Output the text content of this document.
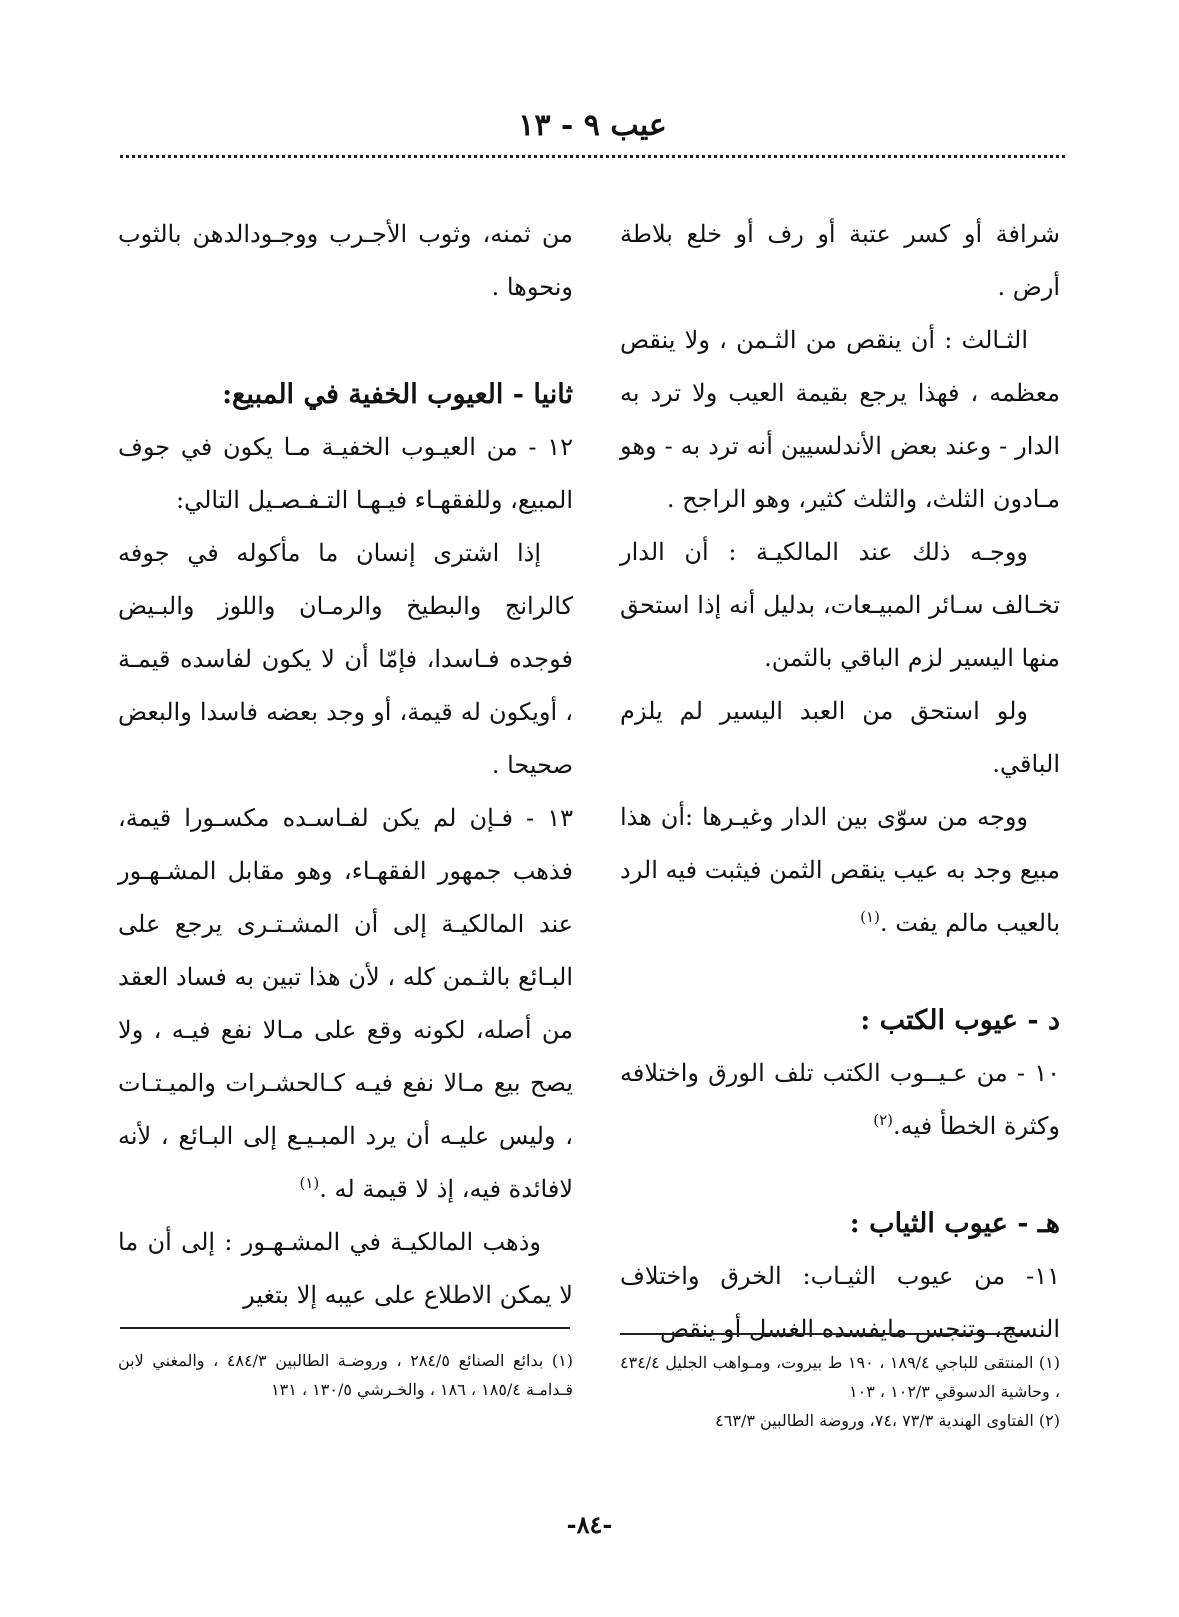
عيب ٩ - ١٣

شرافة أو كسر عتبة أو رف أو خلع بلاطة أرض .

الثـالث : أن ينقص من الثـمن ، ولا ينقص معظمه ، فهذا يرجع بقيمة العيب ولا ترد به الدار - وعند بعض الأندلسيين أنه ترد به - وهو مـادون الثلث، والثلث كثير، وهو الراجح .

ووجـه ذلك عند المالكيـة : أن الدار تخـالف سـائر المبيـعات، بدليل أنه إذا استحق منها اليسير لزم الباقي بالثمن.

ولو استحق من العبد اليسير لم يلزم الباقي.

ووجه من سوّى بين الدار وغيـرها :أن هذا مبيع وجد به عيب ينقص الثمن فيثبت فيه الرد بالعيب مالم يفت .$^{(١)}$

د - عيوب الكتب :

١٠ - من عـيــوب الكتب تلف الورق واختلافه وكثرة الخطأ فيه.$^{(٢)}$

هـ - عيوب الثياب :

١١- من عيوب الثيـاب: الخرق واختلاف النسج، وتنجس مايفسده الغسل أو ينقص

من ثمنه، وثوب الأجـرب ووجـودالدهن بالثوب ونحوها .

ثانيا - العيوب الخفية في المبيع:

١٢ - من العيـوب الخفيـة مـا يكون في جوف المبيع، وللفقهـاء فيـهـا التـفـصـيل التالي:

إذا اشترى إنسان ما مأكوله في جوفه كالرانج والبطيخ والرمـان واللوز والبـيض فوجده فـاسدا، فإمّا أن لا يكون لفاسده قيمـة ، أويكون له قيمة، أو وجد بعضه فاسدا والبعض صحيحا .

١٣ - فـإن لم يكن لفـاسـده مكسـورا قيمة، فذهب جمهور الفقهـاء، وهو مقابل المشـهـور عند المالكيـة إلى أن المشـتـرى يرجع على البـائع بالثـمن كله ، لأن هذا تبين به فساد العقد من أصله، لكونه وقع على مـالا نفع فيـه ، ولا يصح بيع مـالا نفع فيـه كـالحشـرات والميـتـات ، وليس عليـه أن يرد المبـيـع إلى البـائع ، لأنه لافائدة فيه، إذ لا قيمة له .$^{(١)}$

وذهب المالكيـة في المشـهـور : إلى أن ما لا يمكن الاطلاع على عيبه إلا بتغير

(١) المنتقى للباجي ١٨٩/٤ ، ١٩٠ ط بيروت، ومـواهب الجليل ٤٣٤/٤ ، وحاشية الدسوقي ١٠٢/٣ ، ١٠٣

(٢) الفتاوى الهندية ٧٣/٣ ،٧٤، وروضة الطالبين ٤٦٣/٣

(١) بدائع الصنائع ٢٨٤/٥ ، وروضـة الطالبين ٤٨٤/٣ ، والمغني لابن قـدامـة ١٨٥/٤ ، ١٨٦ ، والخـرشي ١٣٠/٥ ، ١٣١

-٨٤-
